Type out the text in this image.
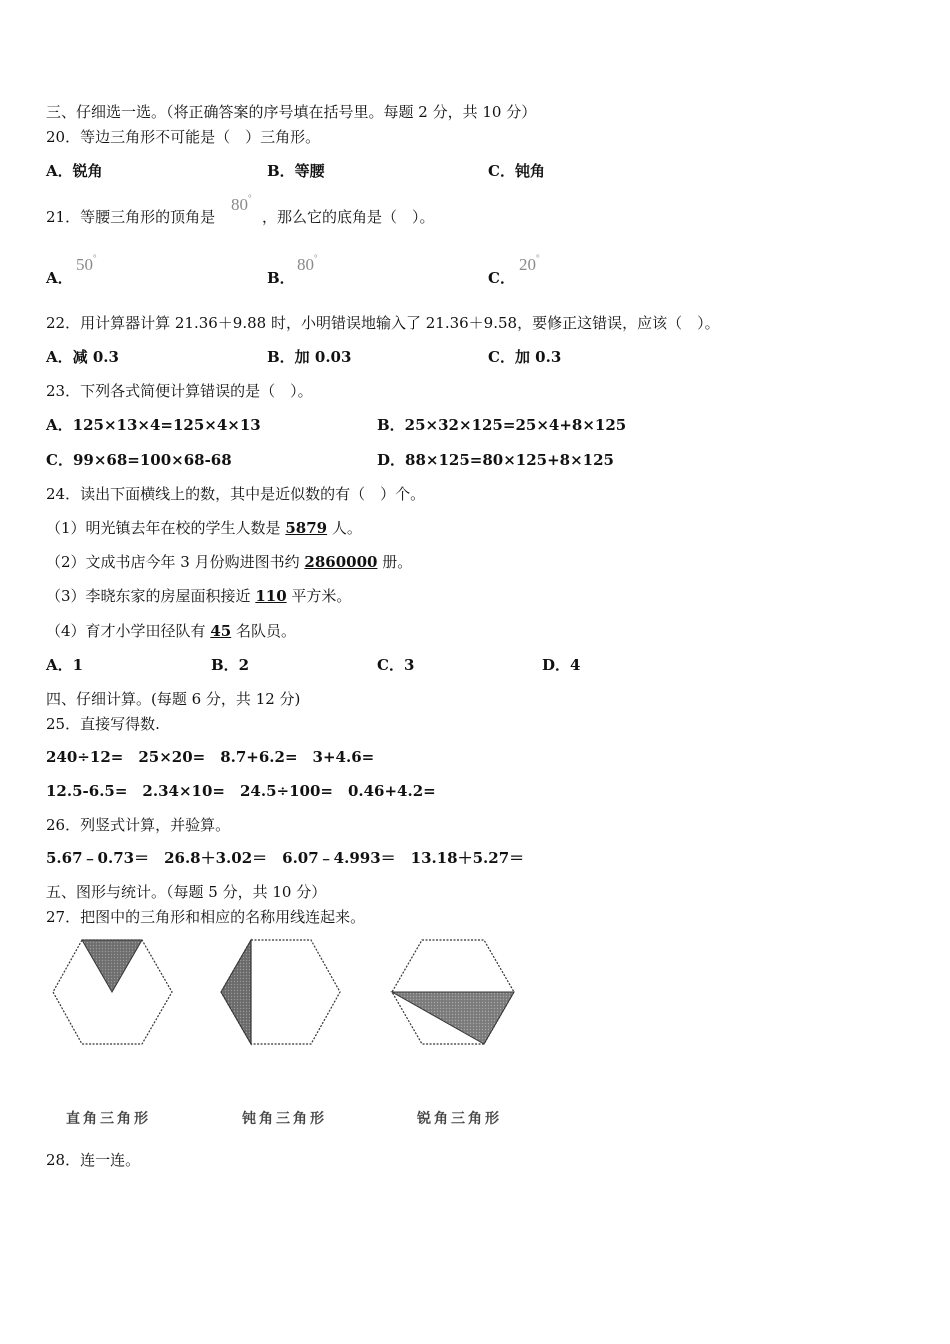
三、仔细选一选。（将正确答案的序号填在括号里。每题 2 分，共 10 分）
20．等边三角形不可能是（　）三角形。
A．锐角	B．等腰	C．钝角
21．等腰三角形的顶角是
80°
，那么它的底角是（　）。
A．
50°
B．
80°
C．
20°
22．用计算器计算 21.36＋9.88 时，小明错误地输入了 21.36＋9.58，要修正这错误，应该（　）。
A．减 0.3	B．加 0.03	C．加 0.3
23．下列各式简便计算错误的是（　）。
A．125×13×4=125×4×13	B．25×32×125=25×4+8×125
C．99×68=100×68-68	D．88×125=80×125+8×125
24．读出下面横线上的数，其中是近似数的有（　）个。
（1）明光镇去年在校的学生人数是 5879 人。
（2）文成书店今年 3 月份购进图书约 2860000 册。
（3）李晓东家的房屋面积接近 110 平方米。
（4）育才小学田径队有 45 名队员。
A．1	B．2	C．3	D．4
四、仔细计算。(每题 6 分，共 12 分)
25．直接写得数.
240÷12=　25×20=　8.7+6.2=　3+4.6=
12.5-6.5=　2.34×10=　24.5÷100=　0.46+4.2=
26．列竖式计算，并验算。
5.67﹣0.73＝　26.8＋3.02＝　6.07﹣4.993＝　13.18＋5.27＝
五、图形与统计。（每题 5 分，共 10 分）
27．把图中的三角形和相应的名称用线连起来。
直角三角形	钝角三角形	锐角三角形
28．连一连。
